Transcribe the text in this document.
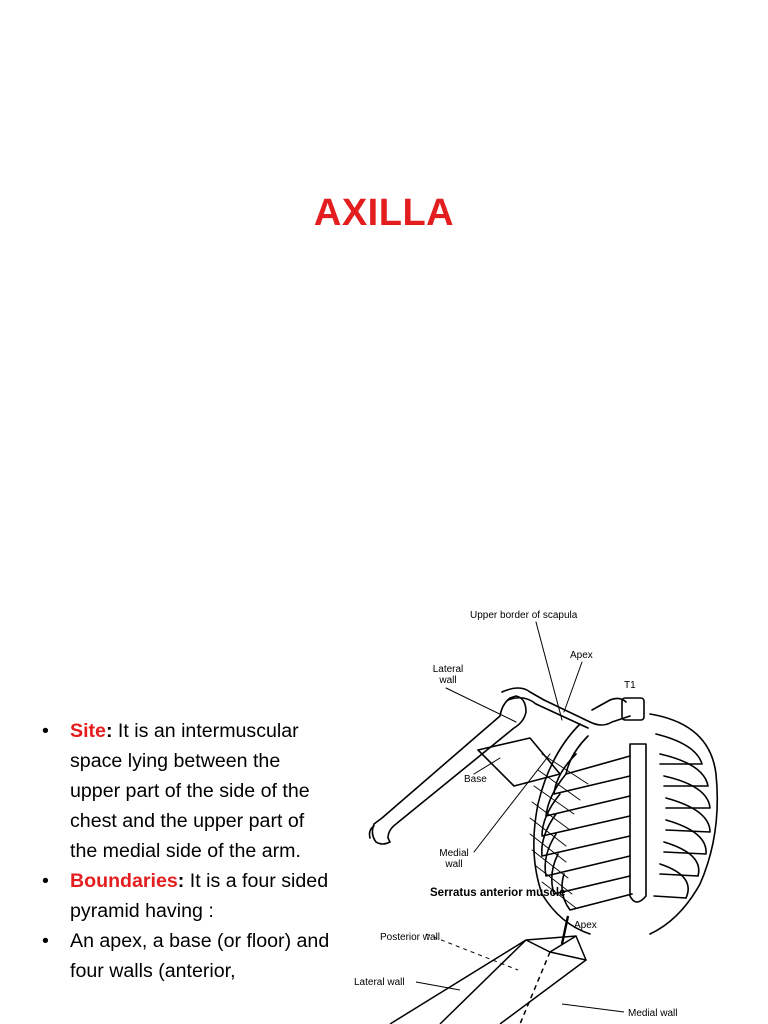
AXILLA
• Site: It is an intermuscular space lying between the upper part of the side of the chest and the upper part of the medial side of the arm.
• Boundaries: It is a four sided pyramid having :
• An apex, a base (or floor) and four walls (anterior,
Upper border of scapula
Apex
Lateral wall	T1
Base
Medial wall
Serratus anterior muscle
Apex
Posterior wall
Lateral wall
Medial wall
